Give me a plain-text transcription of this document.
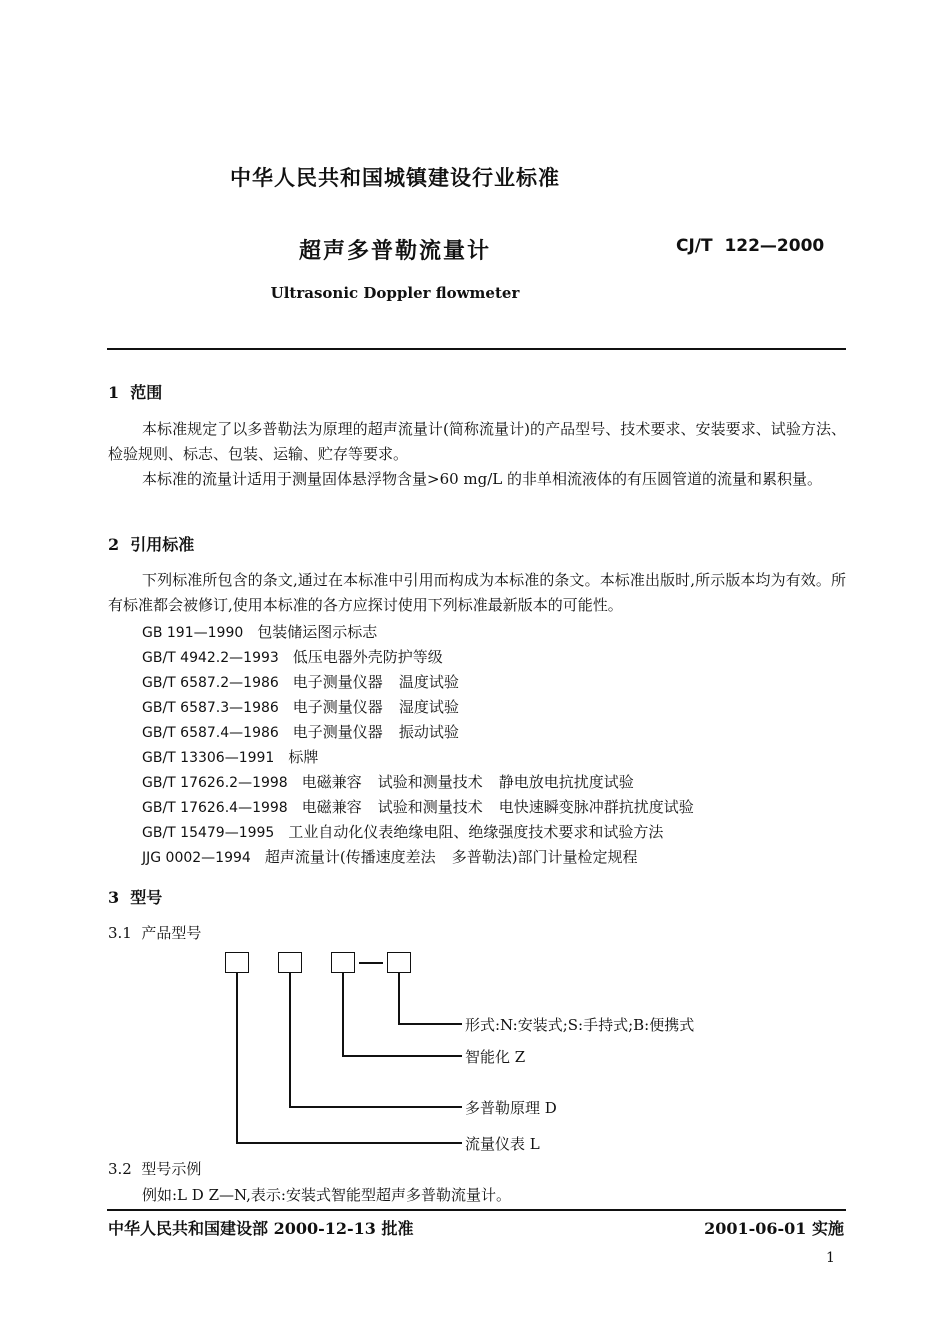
中华人民共和国城镇建设行业标准
超声多普勒流量计	CJ/T  122—2000
Ultrasonic Doppler flowmeter
1  范围
本标准规定了以多普勒法为原理的超声流量计(简称流量计)的产品型号、技术要求、安装要求、试验方法、检验规则、标志、包装、运输、贮存等要求。
本标准的流量计适用于测量固体悬浮物含量>60 mg/L 的非单相流液体的有压圆管道的流量和累积量。
2  引用标准
下列标准所包含的条文,通过在本标准中引用而构成为本标准的条文。本标准出版时,所示版本均为有效。所有标准都会被修订,使用本标准的各方应探讨使用下列标准最新版本的可能性。
GB 191—1990 包装储运图示标志
GB/T 4942.2—1993 低压电器外壳防护等级
GB/T 6587.2—1986 电子测量仪器 温度试验
GB/T 6587.3—1986 电子测量仪器 湿度试验
GB/T 6587.4—1986 电子测量仪器 振动试验
GB/T 13306—1991 标牌
GB/T 17626.2—1998 电磁兼容 试验和测量技术 静电放电抗扰度试验
GB/T 17626.4—1998 电磁兼容 试验和测量技术 电快速瞬变脉冲群抗扰度试验
GB/T 15479—1995 工业自动化仪表绝缘电阻、绝缘强度技术要求和试验方法
JJG 0002—1994 超声流量计(传播速度差法 多普勒法)部门计量检定规程
3  型号
3.1  产品型号
形式:N:安装式;S:手持式;B:便携式
智能化 Z
多普勒原理 D
流量仪表 L
3.2  型号示例
例如:L D Z—N,表示:安装式智能型超声多普勒流量计。
中华人民共和国建设部 2000-12-13 批准	2001-06-01 实施
1
